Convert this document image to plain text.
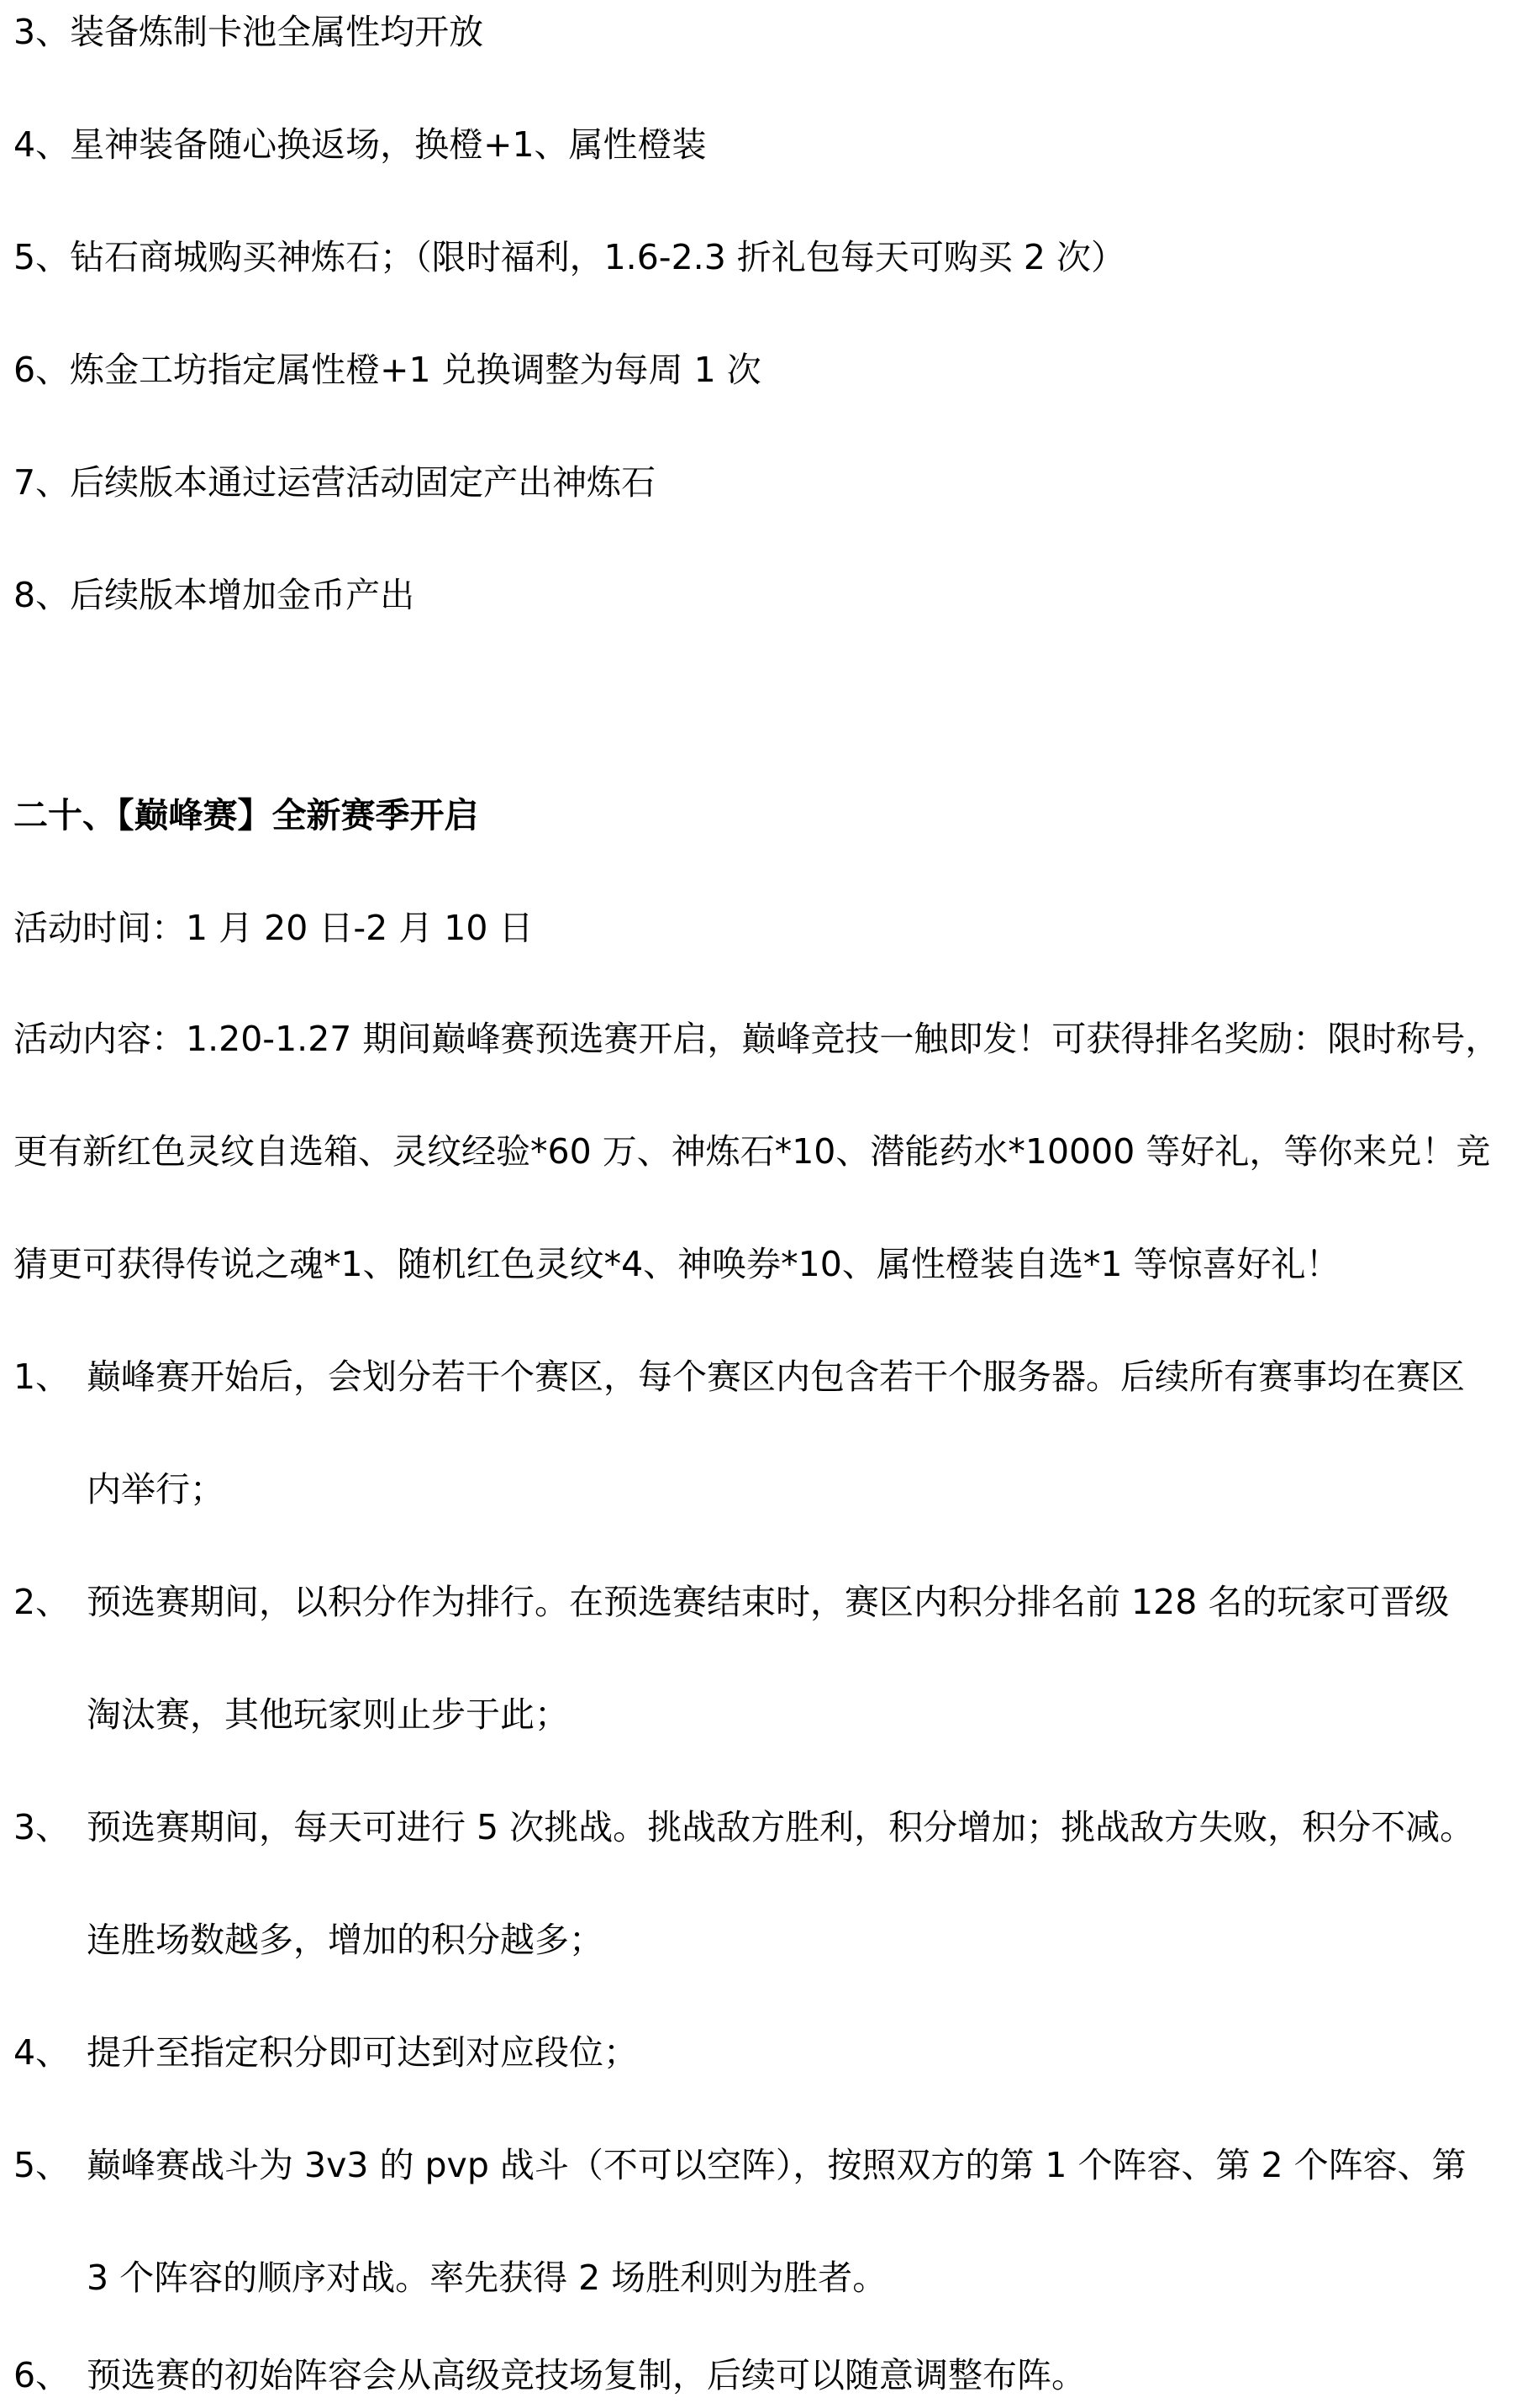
3、装备炼制卡池全属性均开放

4、星神装备随心换返场，换橙+1、属性橙装

5、钻石商城购买神炼石；（限时福利，1.6-2.3 折礼包每天可购买 2 次）

6、炼金工坊指定属性橙+1 兑换调整为每周 1 次

7、后续版本通过运营活动固定产出神炼石

8、后续版本增加金币产出

二十、【巅峰赛】全新赛季开启

活动时间：1 月 20 日-2 月 10 日

活动内容：1.20-1.27 期间巅峰赛预选赛开启，巅峰竞技一触即发！可获得排名奖励：限时称号，

更有新红色灵纹自选箱、灵纹经验*60 万、神炼石*10、潜能药水*10000 等好礼，等你来兑！竞

猜更可获得传说之魂*1、随机红色灵纹*4、神唤券*10、属性橙装自选*1 等惊喜好礼！

1、 巅峰赛开始后，会划分若干个赛区，每个赛区内包含若干个服务器。后续所有赛事均在赛区
内举行；
2、 预选赛期间，以积分作为排行。在预选赛结束时，赛区内积分排名前 128 名的玩家可晋级
淘汰赛，其他玩家则止步于此；
3、 预选赛期间，每天可进行 5 次挑战。挑战敌方胜利，积分增加；挑战敌方失败，积分不减。
连胜场数越多，增加的积分越多；
4、 提升至指定积分即可达到对应段位；
5、 巅峰赛战斗为 3v3 的 pvp 战斗（不可以空阵），按照双方的第 1 个阵容、第 2 个阵容、第
3 个阵容的顺序对战。率先获得 2 场胜利则为胜者。
6、 预选赛的初始阵容会从高级竞技场复制，后续可以随意调整布阵。
